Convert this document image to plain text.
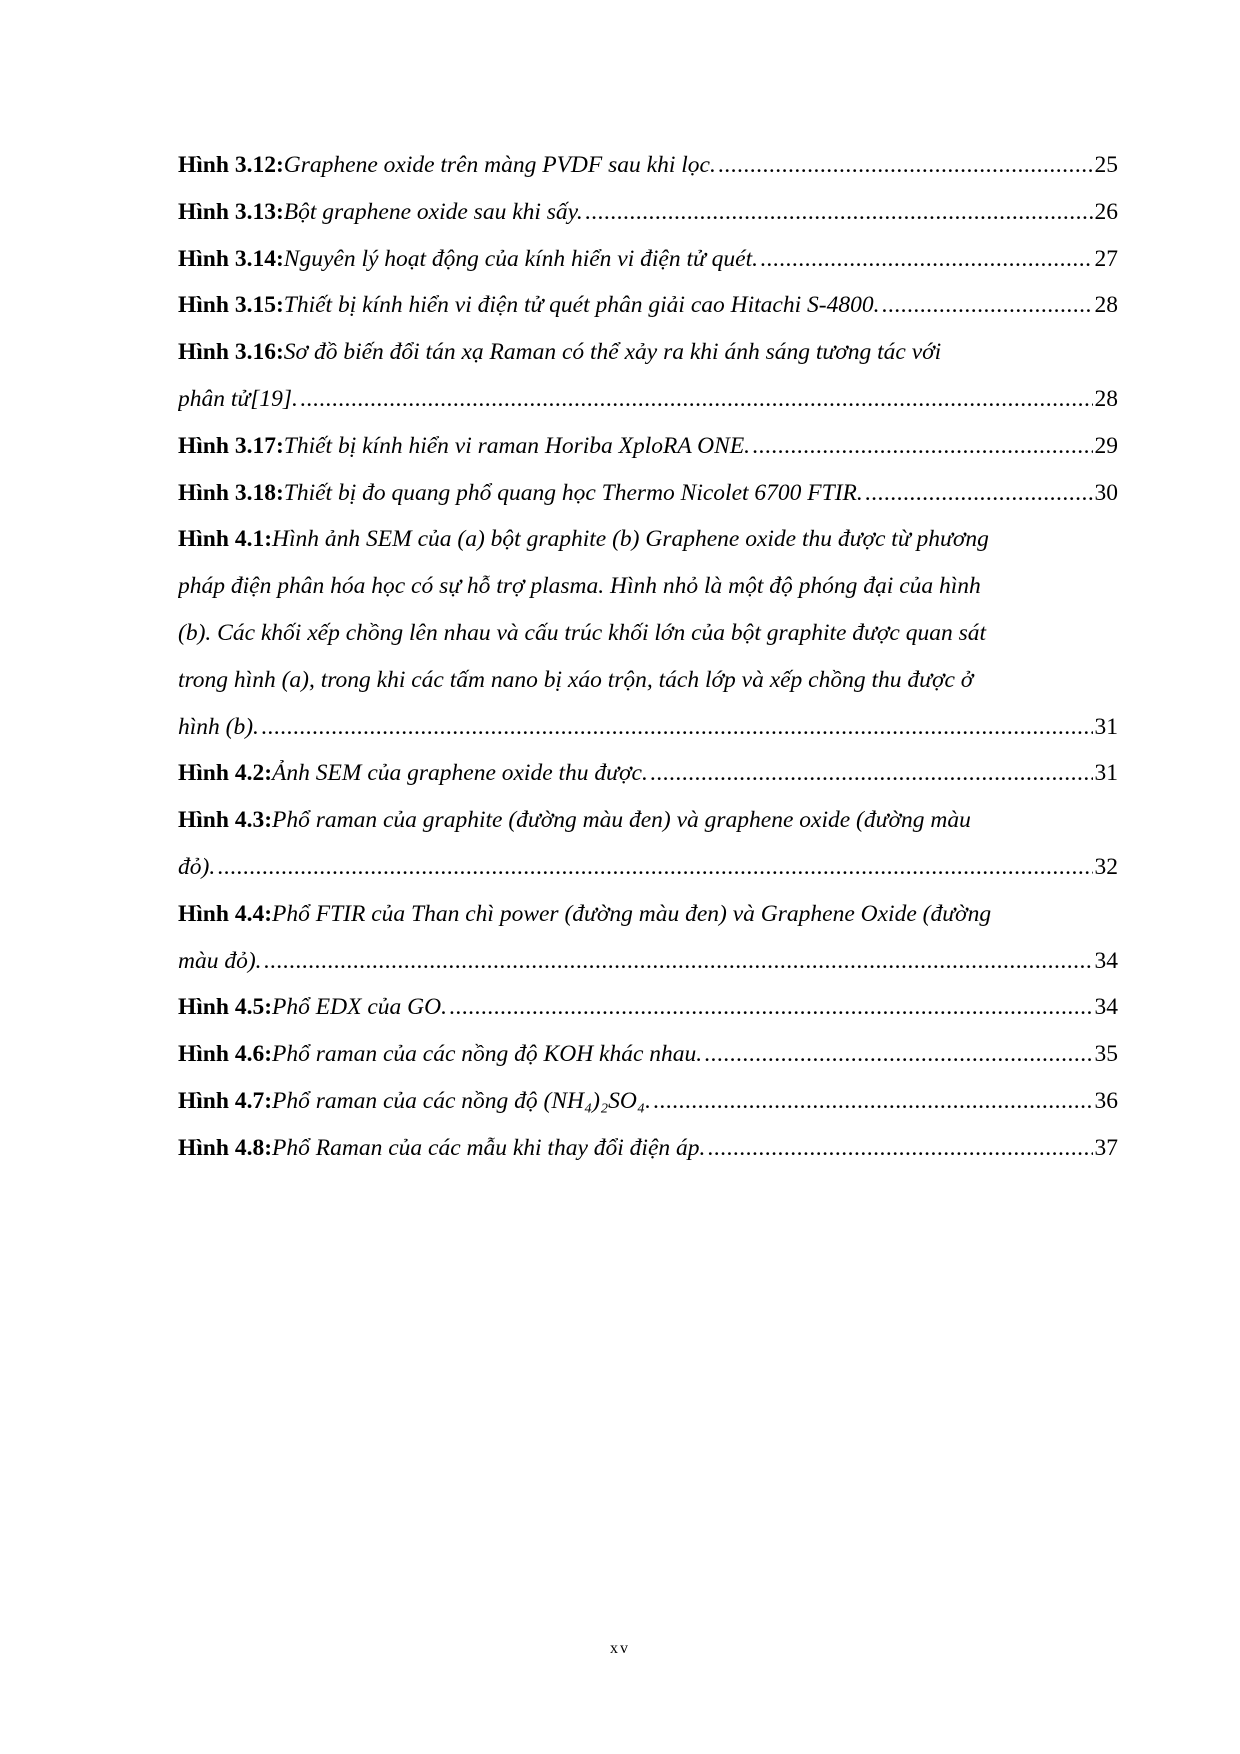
Hình 3.12: Graphene oxide trên màng PVDF sau khi lọc. .....	25
Hình 3.13: Bột graphene oxide sau khi sấy. .....	26
Hình 3.14: Nguyên lý hoạt động của kính hiển vi điện tử quét. .....	27
Hình 3.15: Thiết bị kính hiển vi điện tử quét phân giải cao Hitachi S-4800. .....	28
Hình 3.16: Sơ đồ biến đổi tán xạ Raman có thể xảy ra khi ánh sáng tương tác với
phân tử[19]. .....	28
Hình 3.17: Thiết bị kính hiển vi raman Horiba XploRA ONE. .....	29
Hình 3.18: Thiết bị đo quang phổ quang học Thermo Nicolet 6700 FTIR. .....	30
Hình 4.1: Hình ảnh SEM của (a) bột graphite (b) Graphene oxide thu được từ phương
pháp điện phân hóa học có sự hỗ trợ plasma. Hình nhỏ là một độ phóng đại của hình
(b). Các khối xếp chồng lên nhau và cấu trúc khối lớn của bột graphite được quan sát
trong hình (a), trong khi các tấm nano bị xáo trộn, tách lớp và xếp chồng thu được ở
hình (b). .....	31
Hình 4.2: Ảnh SEM của graphene oxide thu được. .....	31
Hình 4.3: Phổ raman của graphite (đường màu đen) và graphene oxide (đường màu
đỏ). .....	32
Hình 4.4: Phổ FTIR của Than chì power (đường màu đen) và Graphene Oxide (đường
màu đỏ). .....	34
Hình 4.5: Phổ EDX của GO. .....	34
Hình 4.6: Phổ raman của các nồng độ KOH khác nhau. .....	35
Hình 4.7: Phổ raman của các nồng độ (NH₄)₂SO₄. .....	36
Hình 4.8: Phổ Raman của các mẫu khi thay đổi điện áp. .....	37
xv
